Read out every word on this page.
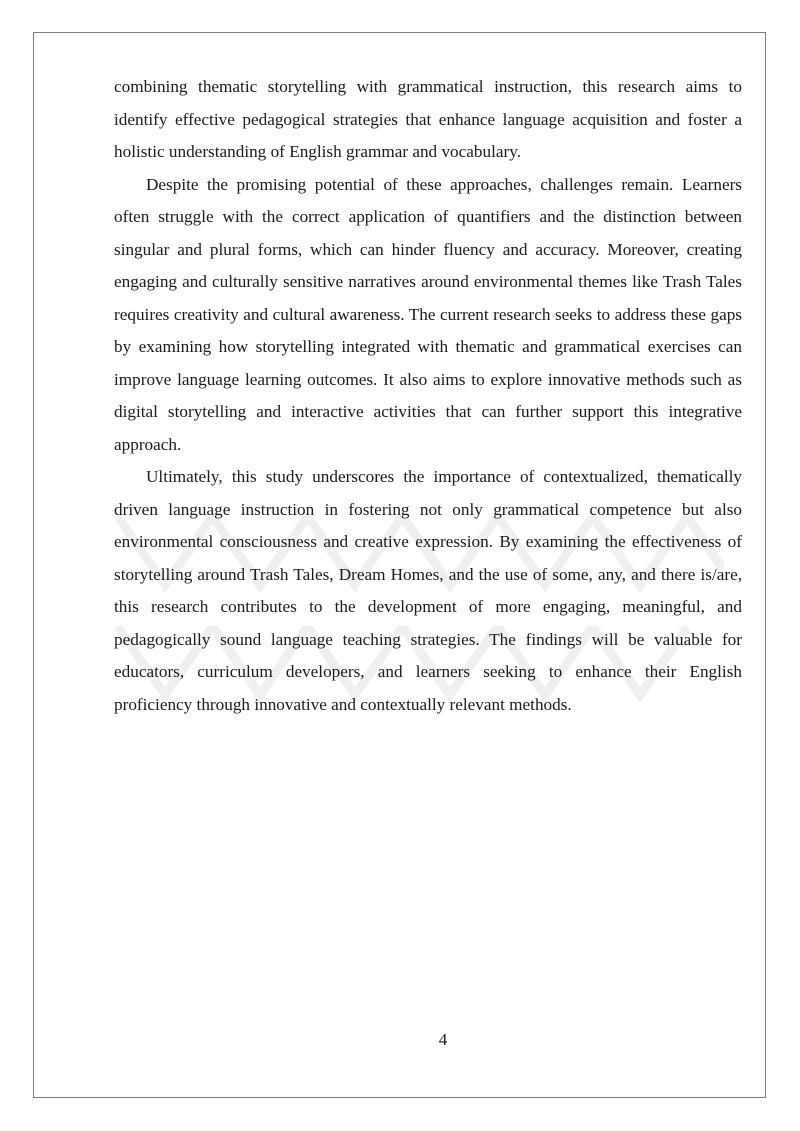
combining thematic storytelling with grammatical instruction, this research aims to identify effective pedagogical strategies that enhance language acquisition and foster a holistic understanding of English grammar and vocabulary.

Despite the promising potential of these approaches, challenges remain. Learners often struggle with the correct application of quantifiers and the distinction between singular and plural forms, which can hinder fluency and accuracy. Moreover, creating engaging and culturally sensitive narratives around environmental themes like Trash Tales requires creativity and cultural awareness. The current research seeks to address these gaps by examining how storytelling integrated with thematic and grammatical exercises can improve language learning outcomes. It also aims to explore innovative methods such as digital storytelling and interactive activities that can further support this integrative approach.

Ultimately, this study underscores the importance of contextualized, thematically driven language instruction in fostering not only grammatical competence but also environmental consciousness and creative expression. By examining the effectiveness of storytelling around Trash Tales, Dream Homes, and the use of some, any, and there is/are, this research contributes to the development of more engaging, meaningful, and pedagogically sound language teaching strategies. The findings will be valuable for educators, curriculum developers, and learners seeking to enhance their English proficiency through innovative and contextually relevant methods.

4
